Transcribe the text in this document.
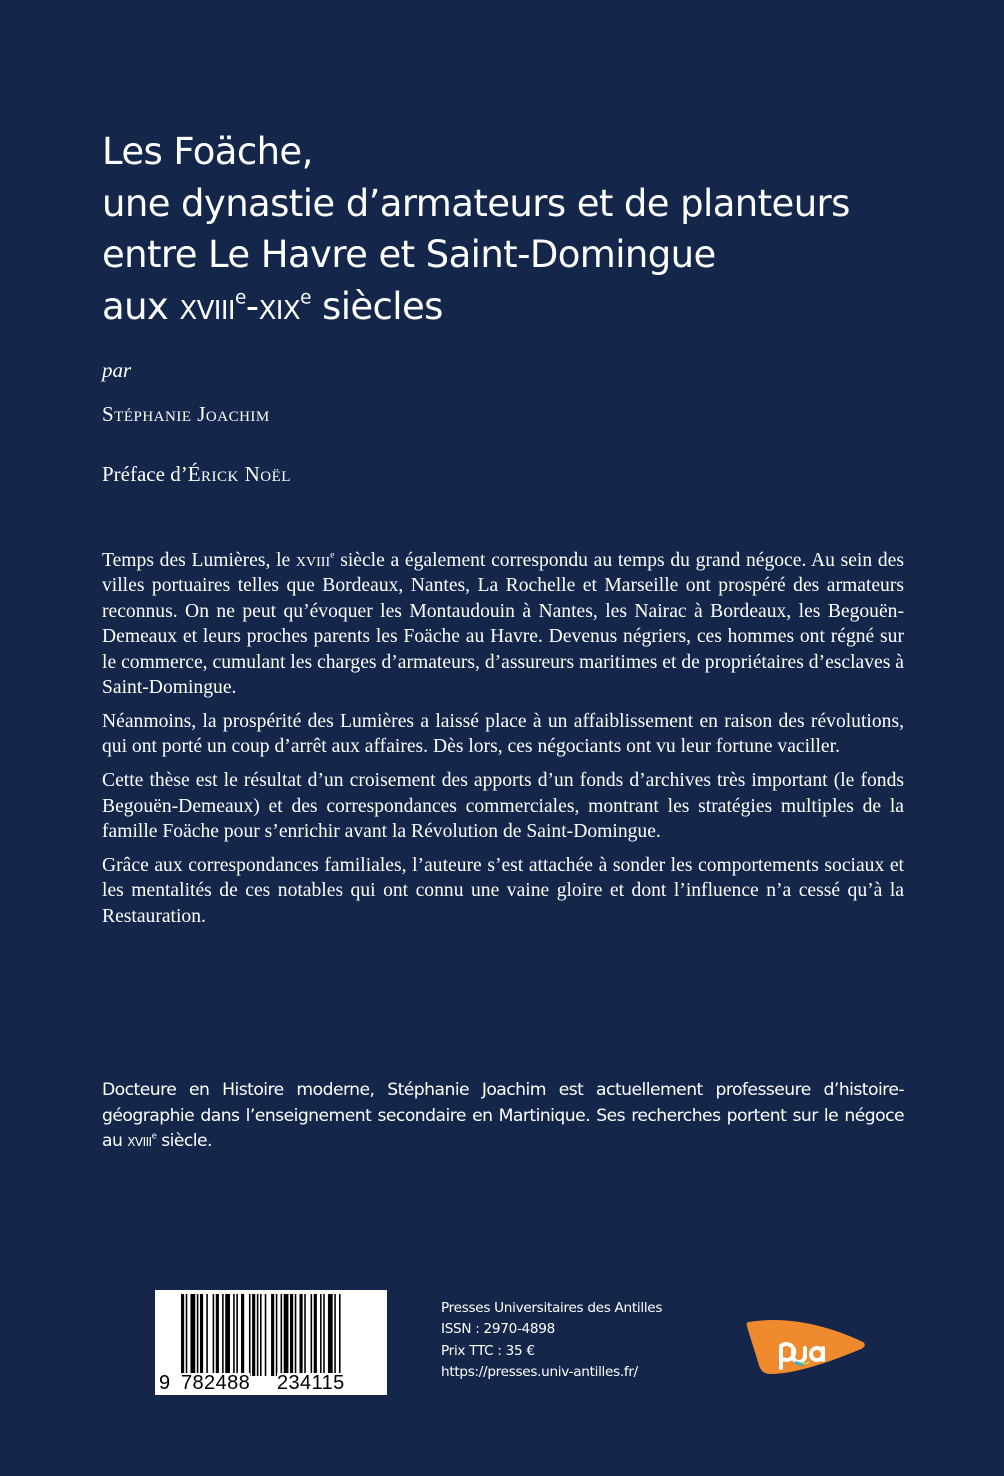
Les Foäche,
une dynastie d’armateurs et de planteurs
entre Le Havre et Saint-Domingue
aux xviii$^e$-xix$^e$ siècles
par
Stéphanie Joachim
Préface d’Érick Noël

Temps des Lumières, le xviii$^e$ siècle a également correspondu au temps du grand négoce. Au sein des villes portuaires telles que Bordeaux, Nantes, La Rochelle et Marseille ont prospéré des armateurs reconnus. On ne peut qu’évoquer les Montaudouin à Nantes, les Nairac à Bordeaux, les Begouën-Demeaux et leurs proches parents les Foäche au Havre. Devenus négriers, ces hommes ont régné sur le commerce, cumulant les charges d’armateurs, d’assureurs maritimes et de propriétaires d’esclaves à Saint-Domingue.

Néanmoins, la prospérité des Lumières a laissé place à un affaiblissement en raison des révolutions, qui ont porté un coup d’arrêt aux affaires. Dès lors, ces négociants ont vu leur fortune vaciller.

Cette thèse est le résultat d’un croisement des apports d’un fonds d’archives très important (le fonds Begouën-Demeaux) et des correspondances commerciales, montrant les stratégies multiples de la famille Foäche pour s’enrichir avant la Révolution de Saint-Domingue.

Grâce aux correspondances familiales, l’auteure s’est attachée à sonder les comportements sociaux et les mentalités de ces notables qui ont connu une vaine gloire et dont l’influence n’a cessé qu’à la Restauration.

Docteure en Histoire moderne, Stéphanie Joachim est actuellement professeure d’histoire-géographie dans l’enseignement secondaire en Martinique. Ses recherches portent sur le négoce au xviii$^e$ siècle.

9 782488 234115
Presses Universitaires des Antilles
ISSN : 2970-4898
Prix TTC : 35 €
https://presses.univ-antilles.fr/
